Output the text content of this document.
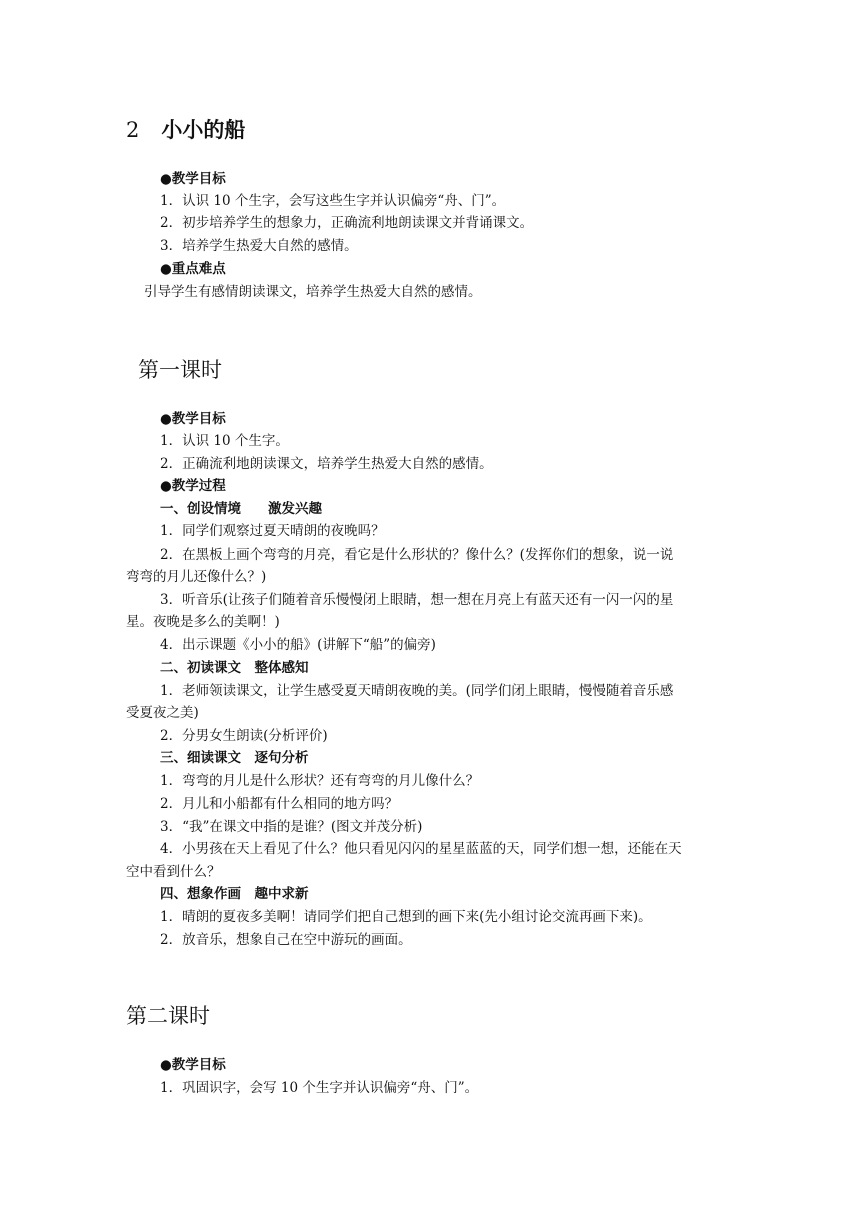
2 小小的船
●教学目标
1．认识 10 个生字，会写这些生字并认识偏旁“舟、门”。
2．初步培养学生的想象力，正确流利地朗读课文并背诵课文。
3．培养学生热爱大自然的感情。
●重点难点
引导学生有感情朗读课文，培养学生热爱大自然的感情。
第一课时
●教学目标
1．认识 10 个生字。
2．正确流利地朗读课文，培养学生热爱大自然的感情。
●教学过程
一、创设情境　　激发兴趣
1．同学们观察过夏天晴朗的夜晚吗？
2．在黑板上画个弯弯的月亮，看它是什么形状的？像什么？(发挥你们的想象，说一说
弯弯的月儿还像什么？)
3．听音乐(让孩子们随着音乐慢慢闭上眼睛，想一想在月亮上有蓝天还有一闪一闪的星
星。夜晚是多么的美啊！)
4．出示课题《小小的船》(讲解下“船”的偏旁)
二、初读课文　整体感知
1．老师领读课文，让学生感受夏天晴朗夜晚的美。(同学们闭上眼睛，慢慢随着音乐感
受夏夜之美)
2．分男女生朗读(分析评价)
三、细读课文　逐句分析
1．弯弯的月儿是什么形状？还有弯弯的月儿像什么？
2．月儿和小船都有什么相同的地方吗？
3．“我”在课文中指的是谁？(图文并茂分析)
4．小男孩在天上看见了什么？他只看见闪闪的星星蓝蓝的天，同学们想一想，还能在天
空中看到什么？
四、想象作画　趣中求新
1．晴朗的夏夜多美啊！请同学们把自己想到的画下来(先小组讨论交流再画下来)。
2．放音乐，想象自己在空中游玩的画面。
第二课时
●教学目标
1．巩固识字，会写 10 个生字并认识偏旁“舟、门”。
